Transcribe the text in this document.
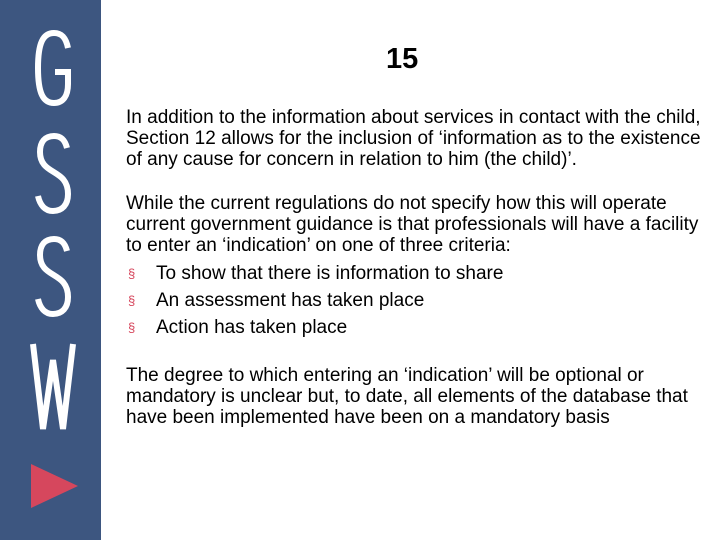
15

In addition to the information about services in contact with the child, Section 12 allows for the inclusion of ‘information as to the existence of any cause for concern in relation to him (the child)’.

While the current regulations do not specify how this will operate current government guidance is that professionals will have a facility to enter an ‘indication’ on one of three criteria:

§ To show that there is information to share
§ An assessment has taken place
§ Action has taken place

The degree to which entering an ‘indication’ will be optional or mandatory is unclear but, to date, all elements of the database that have been implemented have been on a mandatory basis
